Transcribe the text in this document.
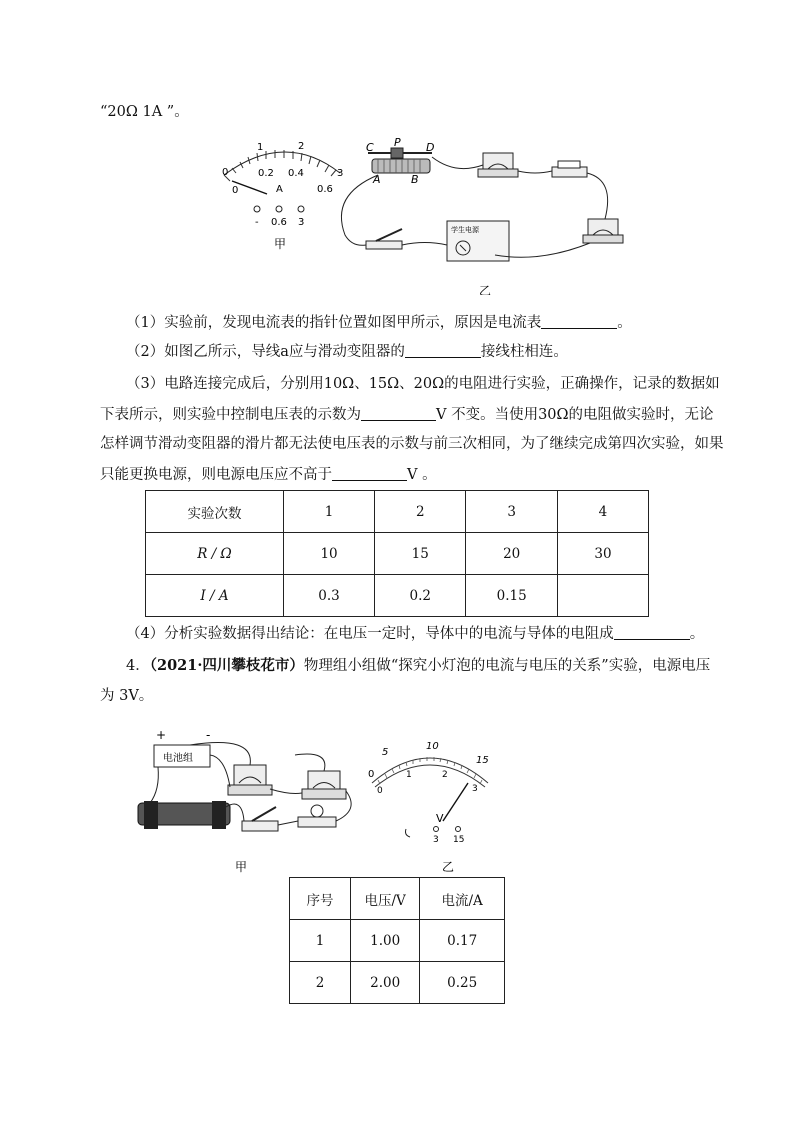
“20Ω 1A ”。
0
1	2
3
0
0.2 0.4
0.6
A
- 0.6 3
甲
C P D
A	B
学生电源
乙
（1）实验前，发现电流表的指针位置如图甲所示，原因是电流表	。
（2）如图乙所示，导线a应与滑动变阻器的	接线柱相连。
（3）电路连接完成后，分别用10Ω、15Ω、20Ω的电阻进行实验，正确操作，记录的数据如
下表所示，则实验中控制电压表的示数为	V 不变。当使用30Ω的电阻做实验时，无论
怎样调节滑动变阻器的滑片都无法使电压表的示数与前三次相同，为了继续完成第四次实验，如果
只能更换电源，则电源电压应不高于	V 。
实验次数	1	2	3	4
R / Ω	10	15	20	30
I / A	0.3	0.2	0.15	
（4）分析实验数据得出结论：在电压一定时，导体中的电流与导体的电阻成	。
4．（2021·四川攀枝花市）物理组小组做“探究小灯泡的电流与电压的关系”实验，电源电压
为 3V。
+	-
电池组
甲
0
5
10
15
0
1	2
3
V
3 15
乙
序号	电压/V	电流/A
1	1.00	0.17
2	2.00	0.25
